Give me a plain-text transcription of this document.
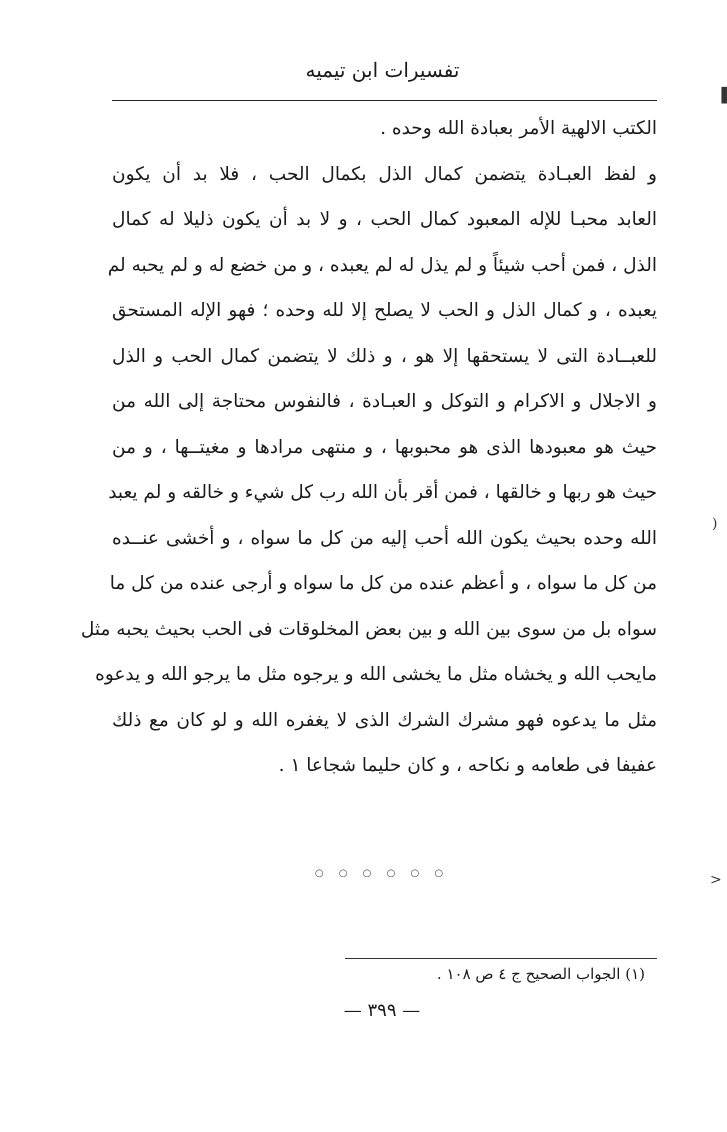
تفسيرات ابن تيميه
الكتب الالهية الأمر بعبادة الله وحده .
و لفظ العبـادة يتضمن كمال الذل بكمال الحب ، فلا بد أن يكون
العابد محبـا للإله المعبود كمال الحب ، و لا بد أن يكون ذليلا له كمال
الذل ، فمن أحب شيئاً و لم يذل له لم يعبده ، و من خضع له و لم يحبه لم
يعبده ، و كمال الذل و الحب لا يصلح إلا لله وحده ؛ فهو الإله المستحق
للعبــادة التى لا يستحقها إلا هو ، و ذلك لا يتضمن كمال الحب و الذل
و الاجلال و الاكرام و التوكل و العبـادة ، فالنفوس محتاجة إلى الله من
حيث هو معبودها الذى هو محبوبها ، و منتهى مرادها و مغيتــها ، و من
حيث هو ربها و خالقها ، فمن أقر بأن الله رب كل شيء و خالقه و لم يعبد
الله وحده بحيث يكون الله أحب إليه من كل ما سواه ، و أخشى عنــده
من كل ما سواه ، و أعظم عنده من كل ما سواه و أرجى عنده من كل ما
سواه بل من سوى بين الله و بين بعض المخلوقات فى الحب بحيث يحبه مثل
مايحب الله و يخشاه مثل ما يخشى الله و يرجوه مثل ما يرجو الله و يدعوه
مثل ما يدعوه فهو مشرك الشرك الذى لا يغفره الله و لو كان مع ذلك
عفيفا فى طعامه و نكاحه ، و كان حليما شجاعا ١ .
○ ○ ○ ○ ○ ○
(١) الجواب الصحيح ج ٤ ص ١٠٨ .
— ٣٩٩ —
▐
)
>
